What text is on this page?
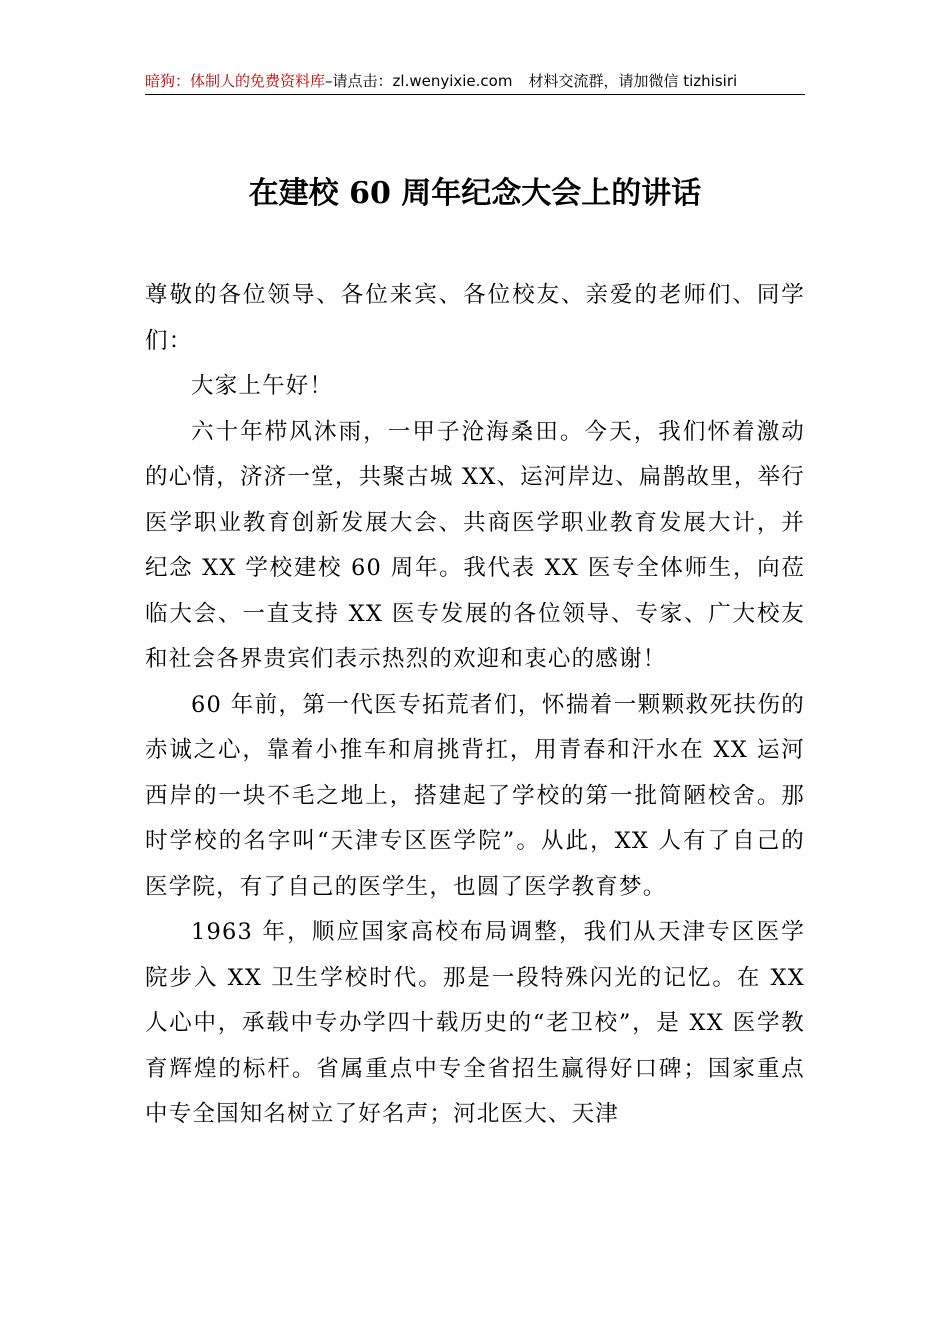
暗狗：体制人的免费资料库–请点击：zl.wenyixie.com 材料交流群，请加微信 tizhisiri
在建校 60 周年纪念大会上的讲话

尊敬的各位领导、各位来宾、各位校友、亲爱的老师们、同学们：

大家上午好！

六十年栉风沐雨，一甲子沧海桑田。今天，我们怀着激动的心情，济济一堂，共聚古城 XX、运河岸边、扁鹊故里，举行医学职业教育创新发展大会、共商医学职业教育发展大计，并纪念 XX 学校建校 60 周年。我代表 XX 医专全体师生，向莅临大会、一直支持 XX 医专发展的各位领导、专家、广大校友和社会各界贵宾们表示热烈的欢迎和衷心的感谢！

60 年前，第一代医专拓荒者们，怀揣着一颗颗救死扶伤的赤诚之心，靠着小推车和肩挑背扛，用青春和汗水在 XX 运河西岸的一块不毛之地上，搭建起了学校的第一批简陋校舍。那时学校的名字叫“天津专区医学院”。从此，XX 人有了自己的医学院，有了自己的医学生，也圆了医学教育梦。

1963 年，顺应国家高校布局调整，我们从天津专区医学院步入 XX 卫生学校时代。那是一段特殊闪光的记忆。在 XX 人心中，承载中专办学四十载历史的“老卫校”，是 XX 医学教育辉煌的标杆。省属重点中专全省招生赢得好口碑；国家重点中专全国知名树立了好名声；河北医大、天津
